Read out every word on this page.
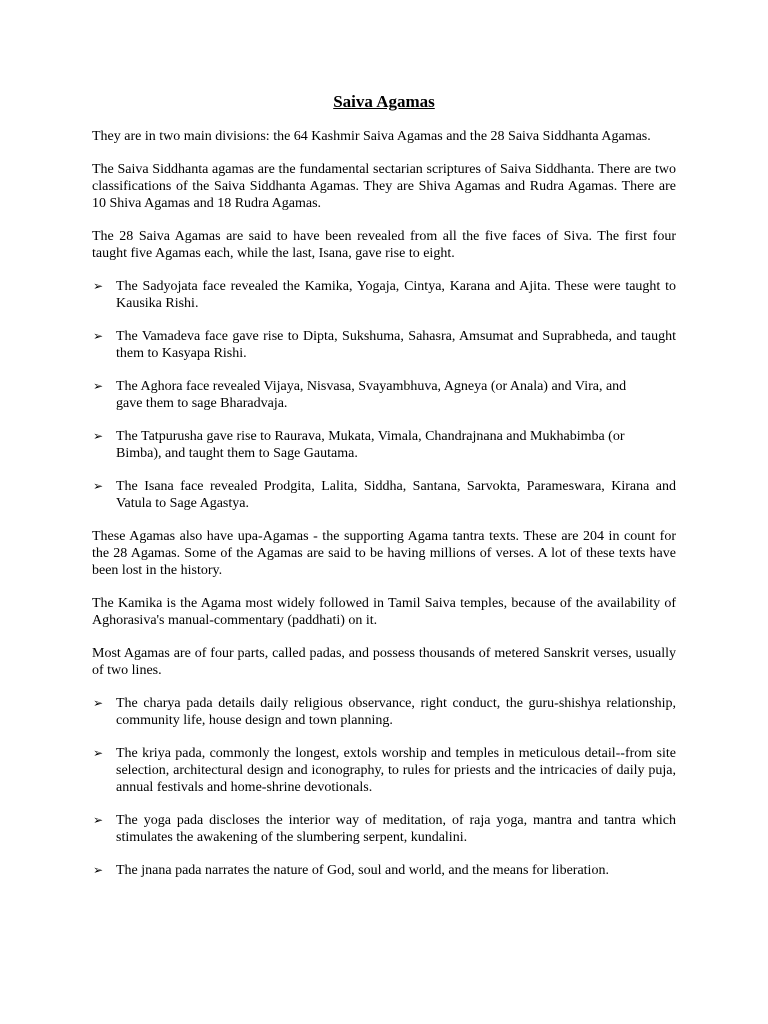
Saiva Agamas

They are in two main divisions: the 64 Kashmir Saiva Agamas and the 28 Saiva Siddhanta Agamas.

The Saiva Siddhanta agamas are the fundamental sectarian scriptures of Saiva Siddhanta. There are two classifications of the Saiva Siddhanta Agamas. They are Shiva Agamas and Rudra Agamas. There are 10 Shiva Agamas and 18 Rudra Agamas.

The 28 Saiva Agamas are said to have been revealed from all the five faces of Siva. The first four taught five Agamas each, while the last, Isana, gave rise to eight.

➢ The Sadyojata face revealed the Kamika, Yogaja, Cintya, Karana and Ajita. These were taught to Kausika Rishi.
➢ The Vamadeva face gave rise to Dipta, Sukshuma, Sahasra, Amsumat and Suprabheda, and taught them to Kasyapa Rishi.
➢ The Aghora face revealed Vijaya, Nisvasa, Svayambhuva, Agneya (or Anala) and Vira, and
gave them to sage Bharadvaja.
➢ The Tatpurusha gave rise to Raurava, Mukata, Vimala, Chandrajnana and Mukhabimba (or
Bimba), and taught them to Sage Gautama.
➢ The Isana face revealed Prodgita, Lalita, Siddha, Santana, Sarvokta, Parameswara, Kirana and Vatula to Sage Agastya.

These Agamas also have upa-Agamas - the supporting Agama tantra texts. These are 204 in count for the 28 Agamas. Some of the Agamas are said to be having millions of verses. A lot of these texts have been lost in the history.

The Kamika is the Agama most widely followed in Tamil Saiva temples, because of the availability of Aghorasiva's manual-commentary (paddhati) on it.

Most Agamas are of four parts, called padas, and possess thousands of metered Sanskrit verses, usually of two lines.

➢ The charya pada details daily religious observance, right conduct, the guru-shishya relationship, community life, house design and town planning.
➢ The kriya pada, commonly the longest, extols worship and temples in meticulous detail--from site selection, architectural design and iconography, to rules for priests and the intricacies of daily puja, annual festivals and home-shrine devotionals.
➢ The yoga pada discloses the interior way of meditation, of raja yoga, mantra and tantra which stimulates the awakening of the slumbering serpent, kundalini.
➢ The jnana pada narrates the nature of God, soul and world, and the means for liberation.
